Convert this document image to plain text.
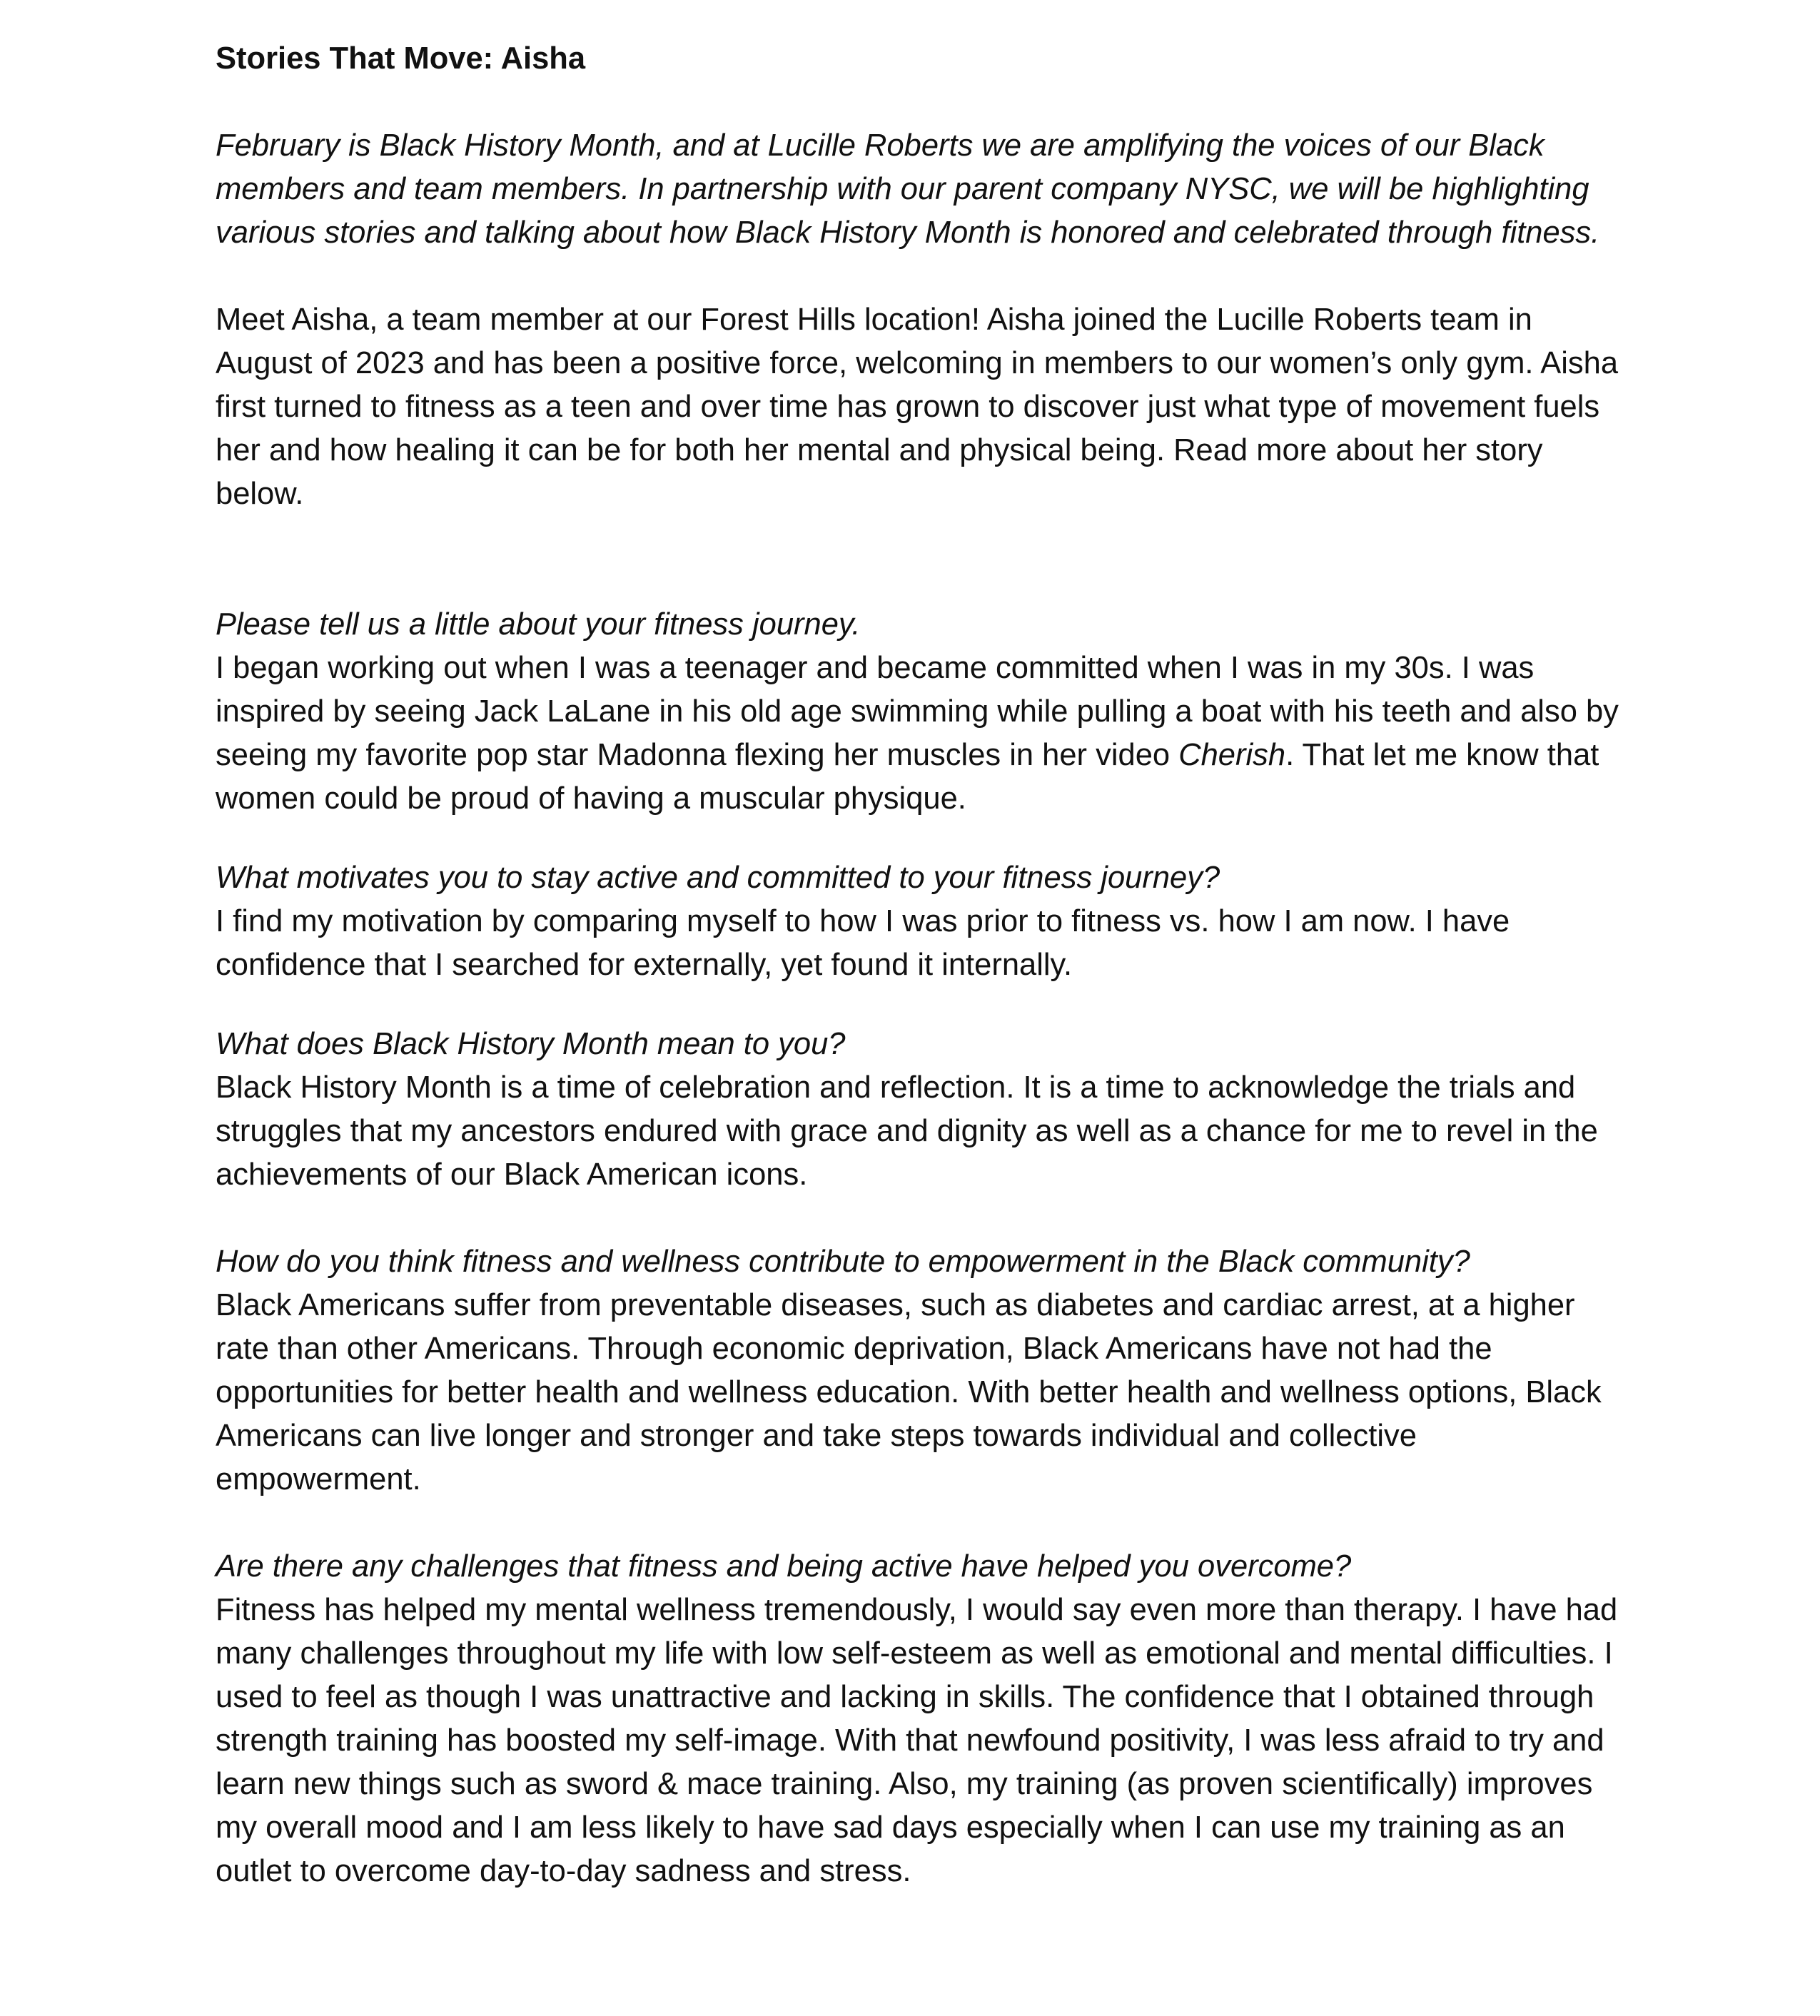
Stories That Move: Aisha

February is Black History Month, and at Lucille Roberts we are amplifying the voices of our Black members and team members. In partnership with our parent company NYSC, we will be highlighting various stories and talking about how Black History Month is honored and celebrated through fitness.

Meet Aisha, a team member at our Forest Hills location! Aisha joined the Lucille Roberts team in August of 2023 and has been a positive force, welcoming in members to our women’s only gym. Aisha first turned to fitness as a teen and over time has grown to discover just what type of movement fuels her and how healing it can be for both her mental and physical being. Read more about her story below.

Please tell us a little about your fitness journey.

I began working out when I was a teenager and became committed when I was in my 30s. I was inspired by seeing Jack LaLane in his old age swimming while pulling a boat with his teeth and also by seeing my favorite pop star Madonna flexing her muscles in her video Cherish. That let me know that women could be proud of having a muscular physique.

What motivates you to stay active and committed to your fitness journey?

I find my motivation by comparing myself to how I was prior to fitness vs. how I am now. I have confidence that I searched for externally, yet found it internally.

What does Black History Month mean to you?

Black History Month is a time of celebration and reflection. It is a time to acknowledge the trials and struggles that my ancestors endured with grace and dignity as well as a chance for me to revel in the achievements of our Black American icons.

How do you think fitness and wellness contribute to empowerment in the Black community?

Black Americans suffer from preventable diseases, such as diabetes and cardiac arrest, at a higher rate than other Americans. Through economic deprivation, Black Americans have not had the opportunities for better health and wellness education. With better health and wellness options, Black Americans can live longer and stronger and take steps towards individual and collective empowerment.

Are there any challenges that fitness and being active have helped you overcome?

Fitness has helped my mental wellness tremendously, I would say even more than therapy. I have had many challenges throughout my life with low self-esteem as well as emotional and mental difficulties. I used to feel as though I was unattractive and lacking in skills. The confidence that I obtained through strength training has boosted my self-image. With that newfound positivity, I was less afraid to try and learn new things such as sword & mace training. Also, my training (as proven scientifically) improves my overall mood and I am less likely to have sad days especially when I can use my training as an outlet to overcome day-to-day sadness and stress.
